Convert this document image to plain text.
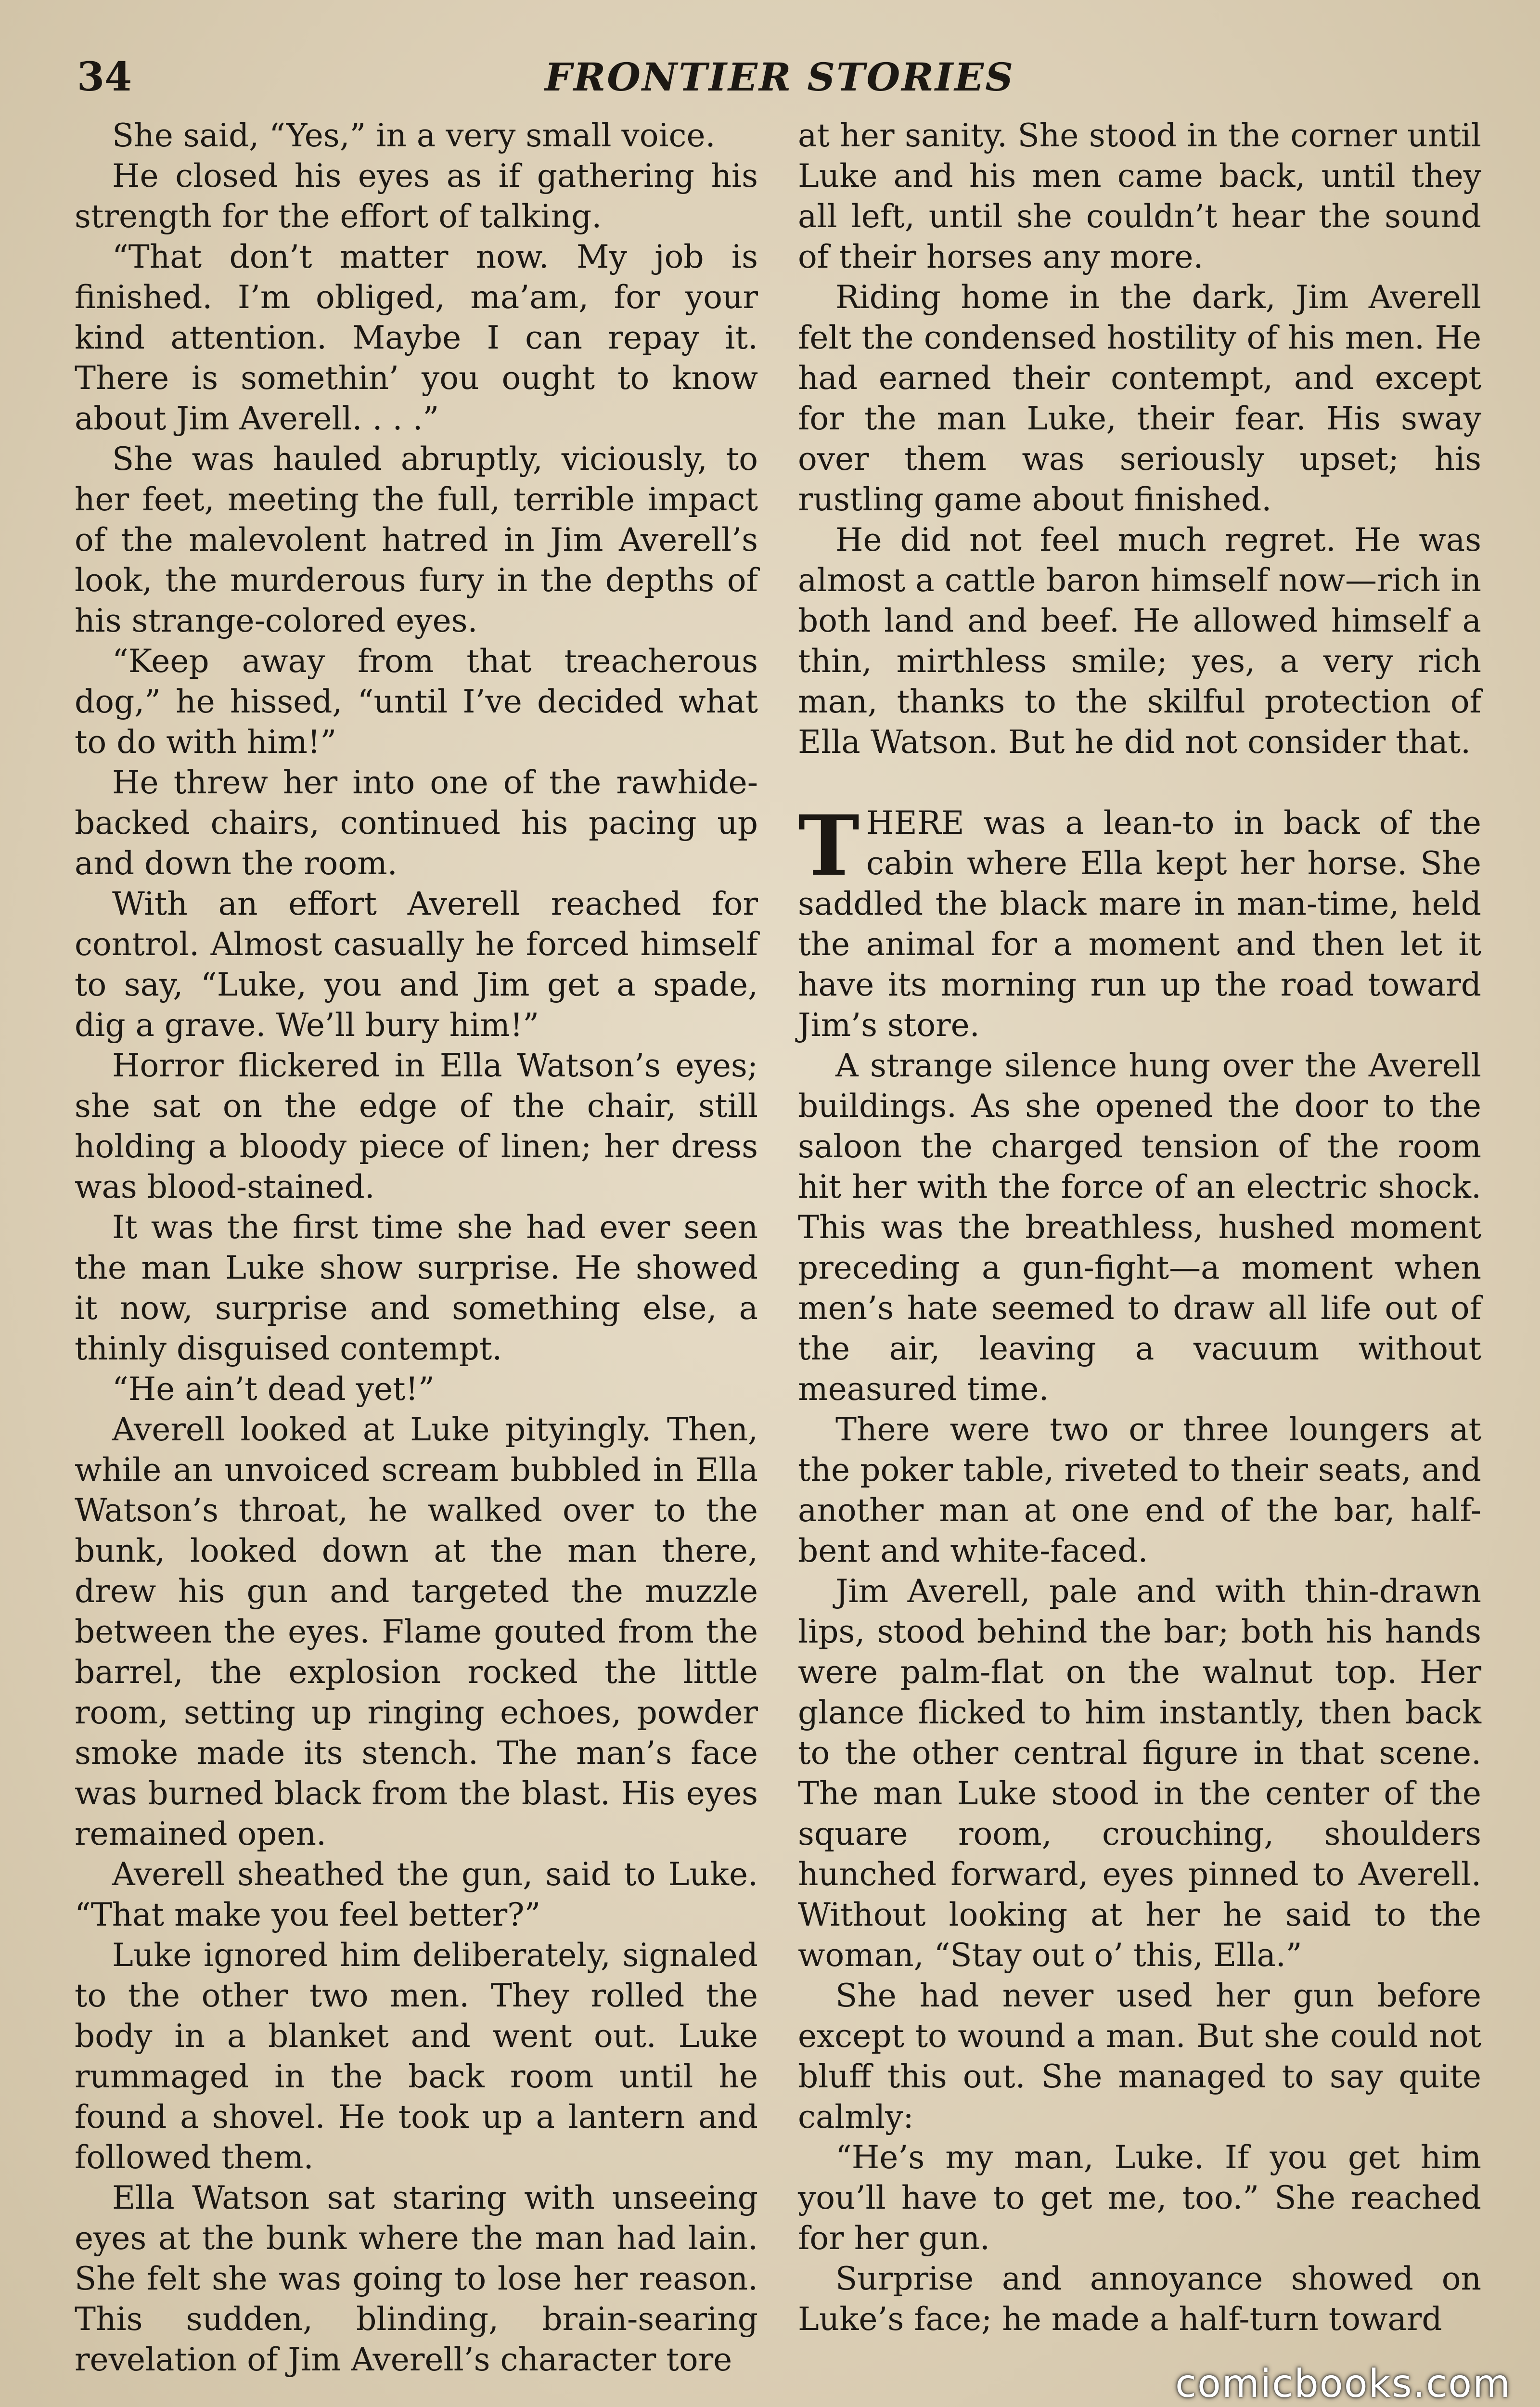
34	FRONTIER STORIES

She said, “Yes,” in a very small voice.

He closed his eyes as if gathering his strength for the effort of talking.

“That don’t matter now. My job is finished. I’m obliged, ma’am, for your kind attention. Maybe I can repay it. There is somethin’ you ought to know about Jim Averell. . . .”

She was hauled abruptly, viciously, to her feet, meeting the full, terrible impact of the malevolent hatred in Jim Averell’s look, the murderous fury in the depths of his strange-colored eyes.

“Keep away from that treacherous dog,” he hissed, “until I’ve decided what to do with him!”

He threw her into one of the rawhide-backed chairs, continued his pacing up and down the room.

With an effort Averell reached for control. Almost casually he forced himself to say, “Luke, you and Jim get a spade, dig a grave. We’ll bury him!”

Horror flickered in Ella Watson’s eyes; she sat on the edge of the chair, still holding a bloody piece of linen; her dress was blood-stained.

It was the first time she had ever seen the man Luke show surprise. He showed it now, surprise and something else, a thinly disguised contempt.

“He ain’t dead yet!”

Averell looked at Luke pityingly. Then, while an unvoiced scream bubbled in Ella Watson’s throat, he walked over to the bunk, looked down at the man there, drew his gun and targeted the muzzle between the eyes. Flame gouted from the barrel, the explosion rocked the little room, setting up ringing echoes, powder smoke made its stench. The man’s face was burned black from the blast. His eyes remained open.

Averell sheathed the gun, said to Luke. “That make you feel better?”

Luke ignored him deliberately, signaled to the other two men. They rolled the body in a blanket and went out. Luke rummaged in the back room until he found a shovel. He took up a lantern and followed them.

Ella Watson sat staring with unseeing eyes at the bunk where the man had lain. She felt she was going to lose her reason. This sudden, blinding, brain-searing revelation of Jim Averell’s character tore

at her sanity. She stood in the corner until Luke and his men came back, until they all left, until she couldn’t hear the sound of their horses any more.

Riding home in the dark, Jim Averell felt the condensed hostility of his men. He had earned their contempt, and except for the man Luke, their fear. His sway over them was seriously upset; his rustling game about finished.

He did not feel much regret. He was almost a cattle baron himself now—rich in both land and beef. He allowed himself a thin, mirthless smile; yes, a very rich man, thanks to the skilful protection of Ella Watson. But he did not consider that.

THERE was a lean-to in back of the cabin where Ella kept her horse. She saddled the black mare in man-time, held the animal for a moment and then let it have its morning run up the road toward Jim’s store.

A strange silence hung over the Averell buildings. As she opened the door to the saloon the charged tension of the room hit her with the force of an electric shock. This was the breathless, hushed moment preceding a gun-fight—a moment when men’s hate seemed to draw all life out of the air, leaving a vacuum without measured time.

There were two or three loungers at the poker table, riveted to their seats, and another man at one end of the bar, half-bent and white-faced.

Jim Averell, pale and with thin-drawn lips, stood behind the bar; both his hands were palm-flat on the walnut top. Her glance flicked to him instantly, then back to the other central figure in that scene. The man Luke stood in the center of the square room, crouching, shoulders hunched forward, eyes pinned to Averell. Without looking at her he said to the woman, “Stay out o’ this, Ella.”

She had never used her gun before except to wound a man. But she could not bluff this out. She managed to say quite calmly:

“He’s my man, Luke. If you get him you’ll have to get me, too.” She reached for her gun.

Surprise and annoyance showed on Luke’s face; he made a half-turn toward

comicbooks.com
